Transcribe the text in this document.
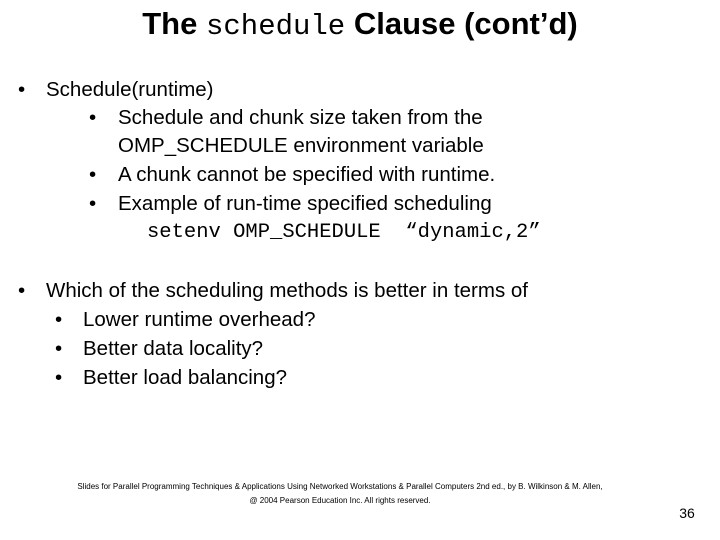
The schedule Clause (cont’d)
• Schedule(runtime)
• Schedule and chunk size taken from the
OMP_SCHEDULE environment variable
• A chunk cannot be specified with runtime.
• Example of run-time specified scheduling
setenv OMP_SCHEDULE  “dynamic,2”
• Which of the scheduling methods is better in terms of
• Lower runtime overhead?
• Better data locality?
• Better load balancing?
Slides for Parallel Programming Techniques & Applications Using Networked Workstations & Parallel Computers 2nd ed., by B. Wilkinson & M. Allen,
@ 2004 Pearson Education Inc. All rights reserved.
36
